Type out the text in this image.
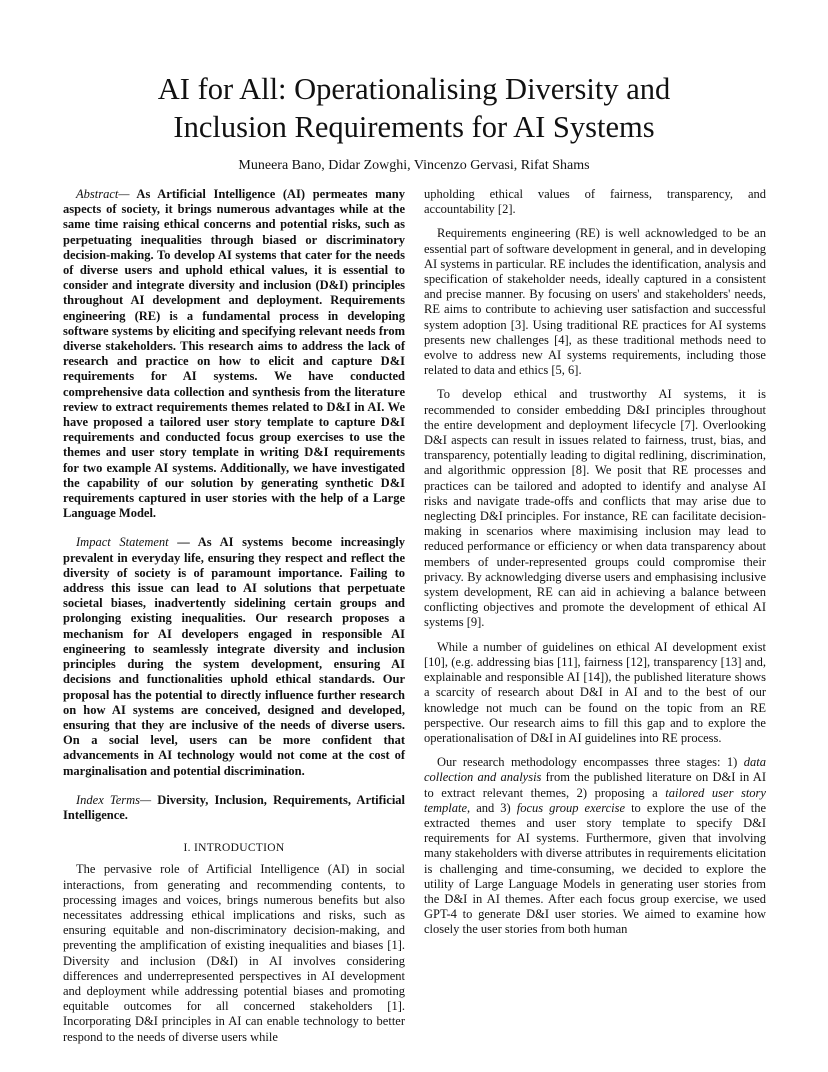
AI for All: Operationalising Diversity and
Inclusion Requirements for AI Systems

Muneera Bano, Didar Zowghi, Vincenzo Gervasi, Rifat Shams

Abstract— As Artificial Intelligence (AI) permeates many aspects of society, it brings numerous advantages while at the same time raising ethical concerns and potential risks, such as perpetuating inequalities through biased or discriminatory decision-making. To develop AI systems that cater for the needs of diverse users and uphold ethical values, it is essential to consider and integrate diversity and inclusion (D&I) principles throughout AI development and deployment. Requirements engineering (RE) is a fundamental process in developing software systems by eliciting and specifying relevant needs from diverse stakeholders. This research aims to address the lack of research and practice on how to elicit and capture D&I requirements for AI systems. We have conducted comprehensive data collection and synthesis from the literature review to extract requirements themes related to D&I in AI. We have proposed a tailored user story template to capture D&I requirements and conducted focus group exercises to use the themes and user story template in writing D&I requirements for two example AI systems. Additionally, we have investigated the capability of our solution by generating synthetic D&I requirements captured in user stories with the help of a Large Language Model.

Impact Statement — As AI systems become increasingly prevalent in everyday life, ensuring they respect and reflect the diversity of society is of paramount importance. Failing to address this issue can lead to AI solutions that perpetuate societal biases, inadvertently sidelining certain groups and prolonging existing inequalities. Our research proposes a mechanism for AI developers engaged in responsible AI engineering to seamlessly integrate diversity and inclusion principles during the system development, ensuring AI decisions and functionalities uphold ethical standards. Our proposal has the potential to directly influence further research on how AI systems are conceived, designed and developed, ensuring that they are inclusive of the needs of diverse users. On a social level, users can be more confident that advancements in AI technology would not come at the cost of marginalisation and potential discrimination.

Index Terms— Diversity, Inclusion, Requirements, Artificial Intelligence.

I. INTRODUCTION

The pervasive role of Artificial Intelligence (AI) in social interactions, from generating and recommending contents, to processing images and voices, brings numerous benefits but also necessitates addressing ethical implications and risks, such as ensuring equitable and non-discriminatory decision-making, and preventing the amplification of existing inequalities and biases [1]. Diversity and inclusion (D&I) in AI involves considering differences and underrepresented perspectives in AI development and deployment while addressing potential biases and promoting equitable outcomes for all concerned stakeholders [1]. Incorporating D&I principles in AI can enable technology to better respond to the needs of diverse users while

upholding ethical values of fairness, transparency, and accountability [2].

Requirements engineering (RE) is well acknowledged to be an essential part of software development in general, and in developing AI systems in particular. RE includes the identification, analysis and specification of stakeholder needs, ideally captured in a consistent and precise manner. By focusing on users' and stakeholders' needs, RE aims to contribute to achieving user satisfaction and successful system adoption [3]. Using traditional RE practices for AI systems presents new challenges [4], as these traditional methods need to evolve to address new AI systems requirements, including those related to data and ethics [5, 6].

To develop ethical and trustworthy AI systems, it is recommended to consider embedding D&I principles throughout the entire development and deployment lifecycle [7]. Overlooking D&I aspects can result in issues related to fairness, trust, bias, and transparency, potentially leading to digital redlining, discrimination, and algorithmic oppression [8]. We posit that RE processes and practices can be tailored and adopted to identify and analyse AI risks and navigate trade-offs and conflicts that may arise due to neglecting D&I principles. For instance, RE can facilitate decision-making in scenarios where maximising inclusion may lead to reduced performance or efficiency or when data transparency about members of under-represented groups could compromise their privacy. By acknowledging diverse users and emphasising inclusive system development, RE can aid in achieving a balance between conflicting objectives and promote the development of ethical AI systems [9].

While a number of guidelines on ethical AI development exist [10], (e.g. addressing bias [11], fairness [12], transparency [13] and, explainable and responsible AI [14]), the published literature shows a scarcity of research about D&I in AI and to the best of our knowledge not much can be found on the topic from an RE perspective. Our research aims to fill this gap and to explore the operationalisation of D&I in AI guidelines into RE process.

Our research methodology encompasses three stages: 1) data collection and analysis from the published literature on D&I in AI to extract relevant themes, 2) proposing a tailored user story template, and 3) focus group exercise to explore the use of the extracted themes and user story template to specify D&I requirements for AI systems. Furthermore, given that involving many stakeholders with diverse attributes in requirements elicitation is challenging and time-consuming, we decided to explore the utility of Large Language Models in generating user stories from the D&I in AI themes. After each focus group exercise, we used GPT-4 to generate D&I user stories. We aimed to examine how closely the user stories from both human
